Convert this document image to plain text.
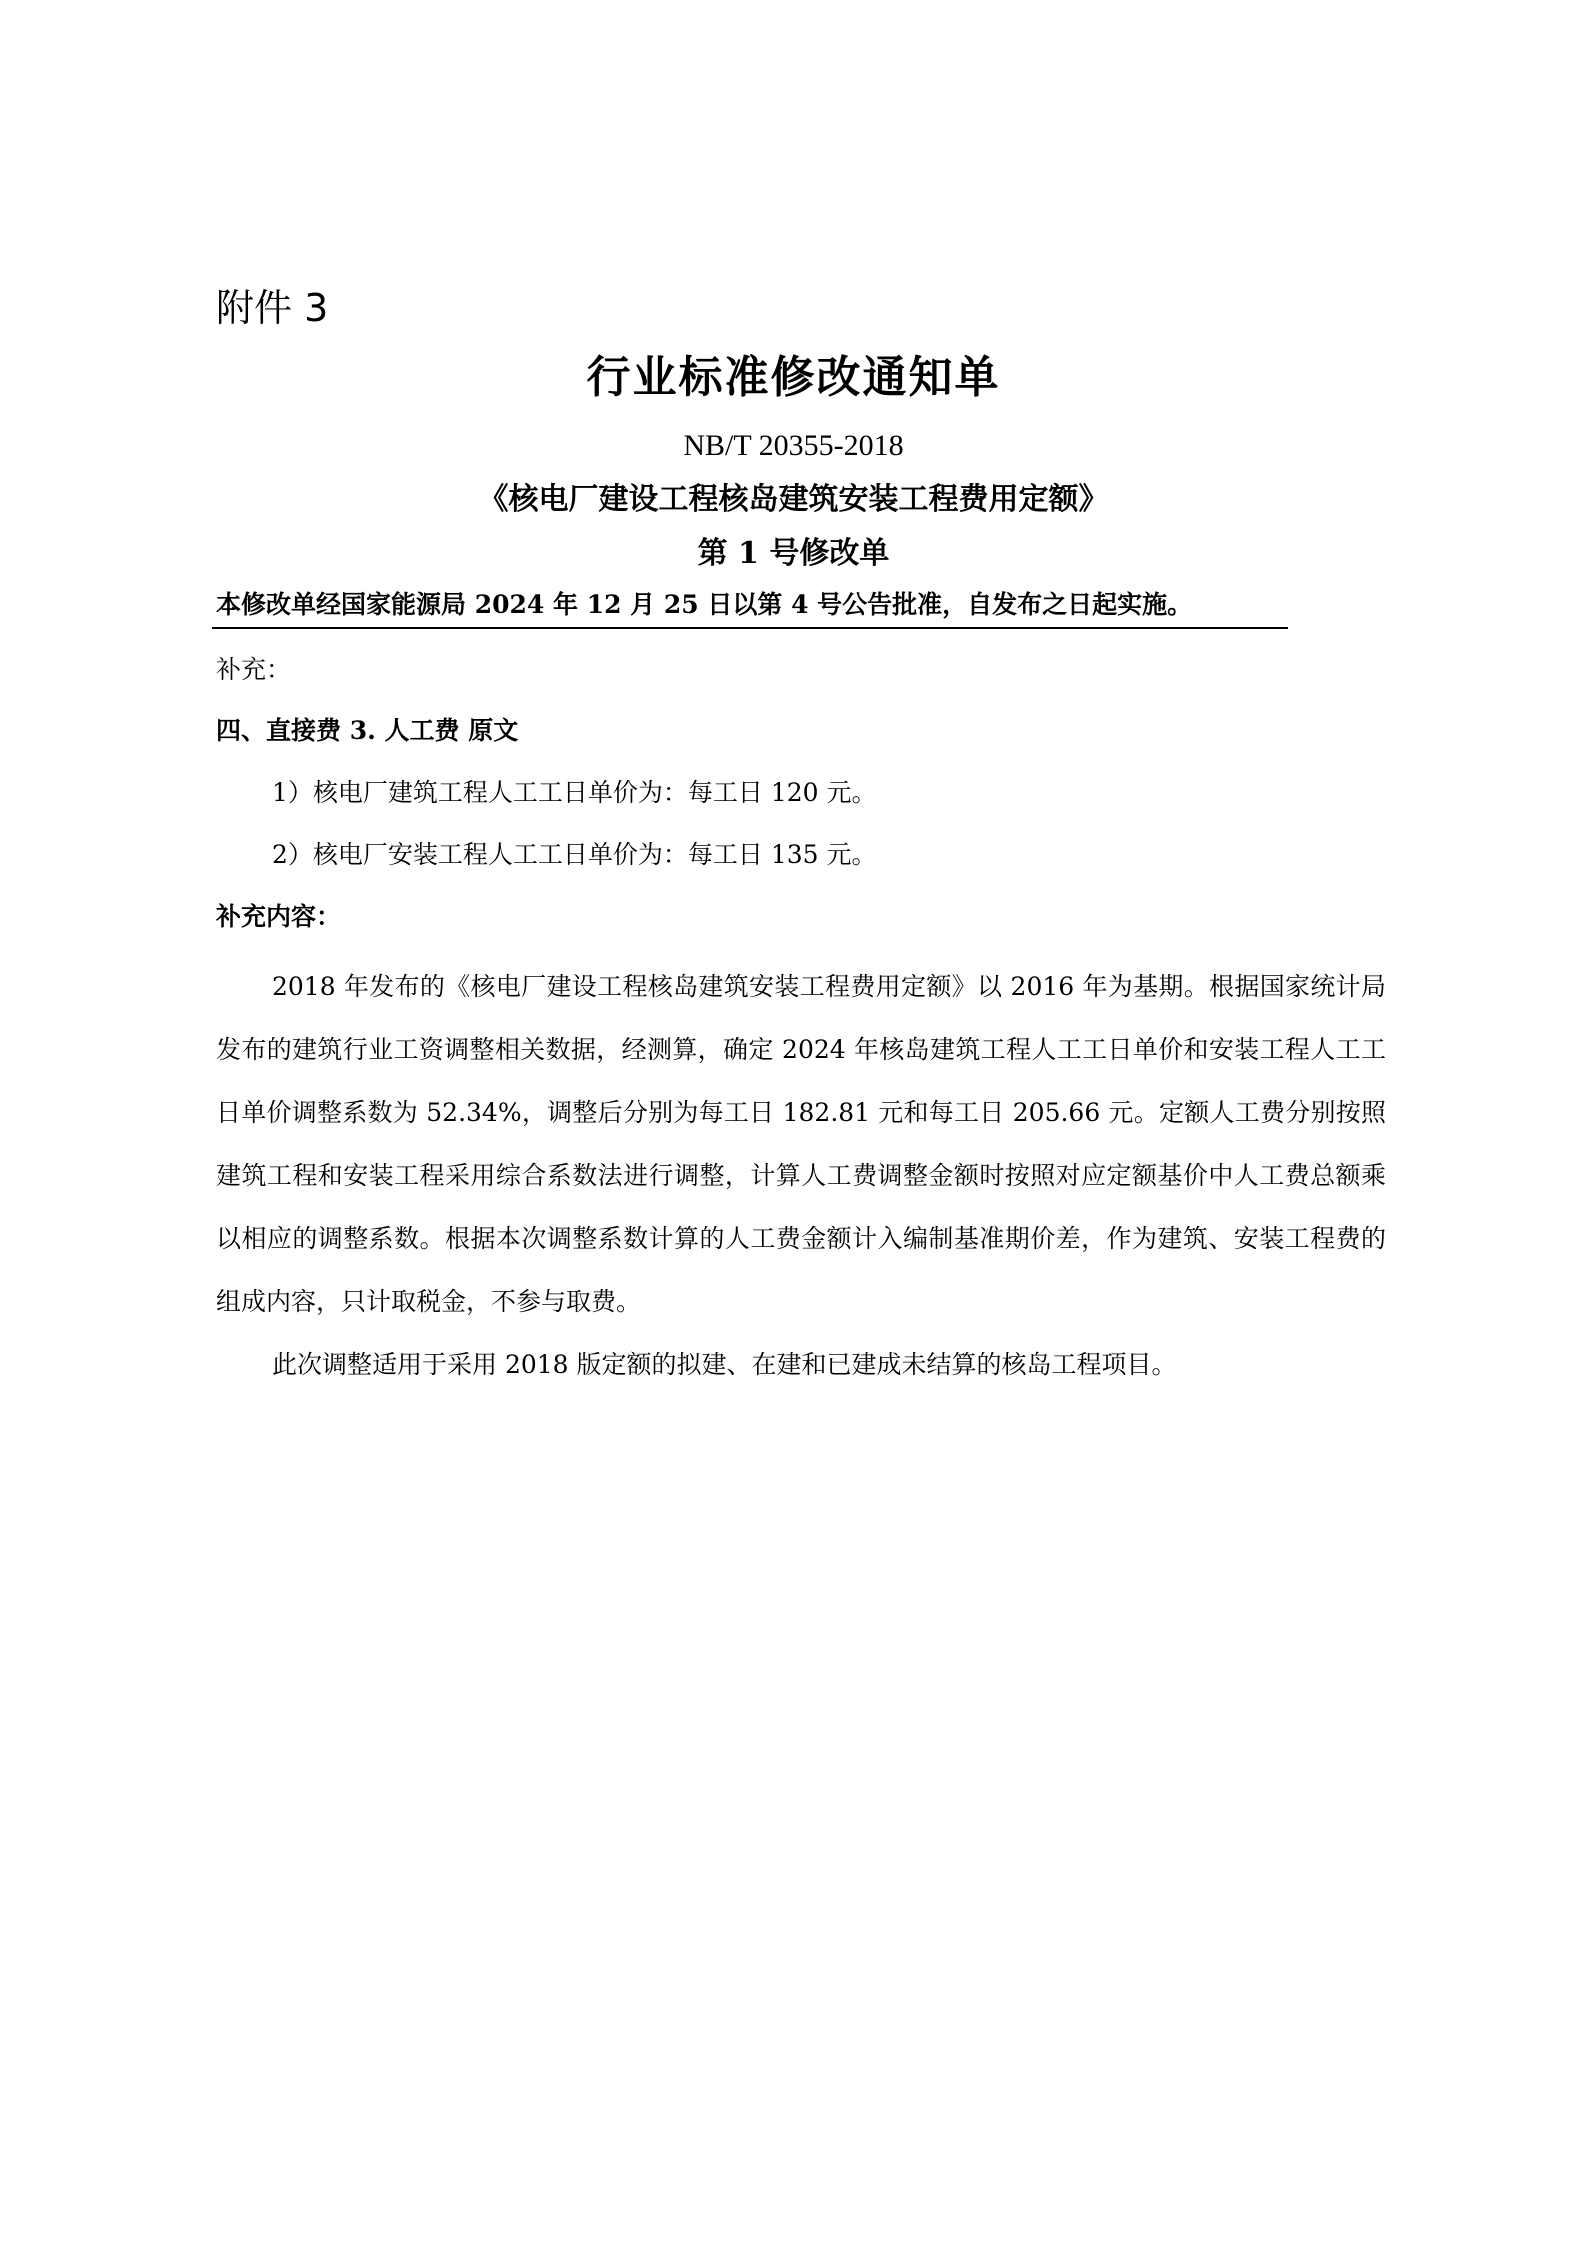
附件 3

行业标准修改通知单

NB/T 20355-2018

《核电厂建设工程核岛建筑安装工程费用定额》

第 1 号修改单

本修改单经国家能源局 2024 年 12 月 25 日以第 4 号公告批准，自发布之日起实施。

补充：

四、直接费 3. 人工费 原文

1）核电厂建筑工程人工工日单价为：每工日 120 元。

2）核电厂安装工程人工工日单价为：每工日 135 元。

补充内容：

2018 年发布的《核电厂建设工程核岛建筑安装工程费用定额》以 2016 年为基期。根据国家统计局发布的建筑行业工资调整相关数据，经测算，确定 2024 年核岛建筑工程人工工日单价和安装工程人工工日单价调整系数为 52.34%，调整后分别为每工日 182.81 元和每工日 205.66 元。定额人工费分别按照建筑工程和安装工程采用综合系数法进行调整，计算人工费调整金额时按照对应定额基价中人工费总额乘以相应的调整系数。根据本次调整系数计算的人工费金额计入编制基准期价差，作为建筑、安装工程费的组成内容，只计取税金，不参与取费。

此次调整适用于采用 2018 版定额的拟建、在建和已建成未结算的核岛工程项目。
